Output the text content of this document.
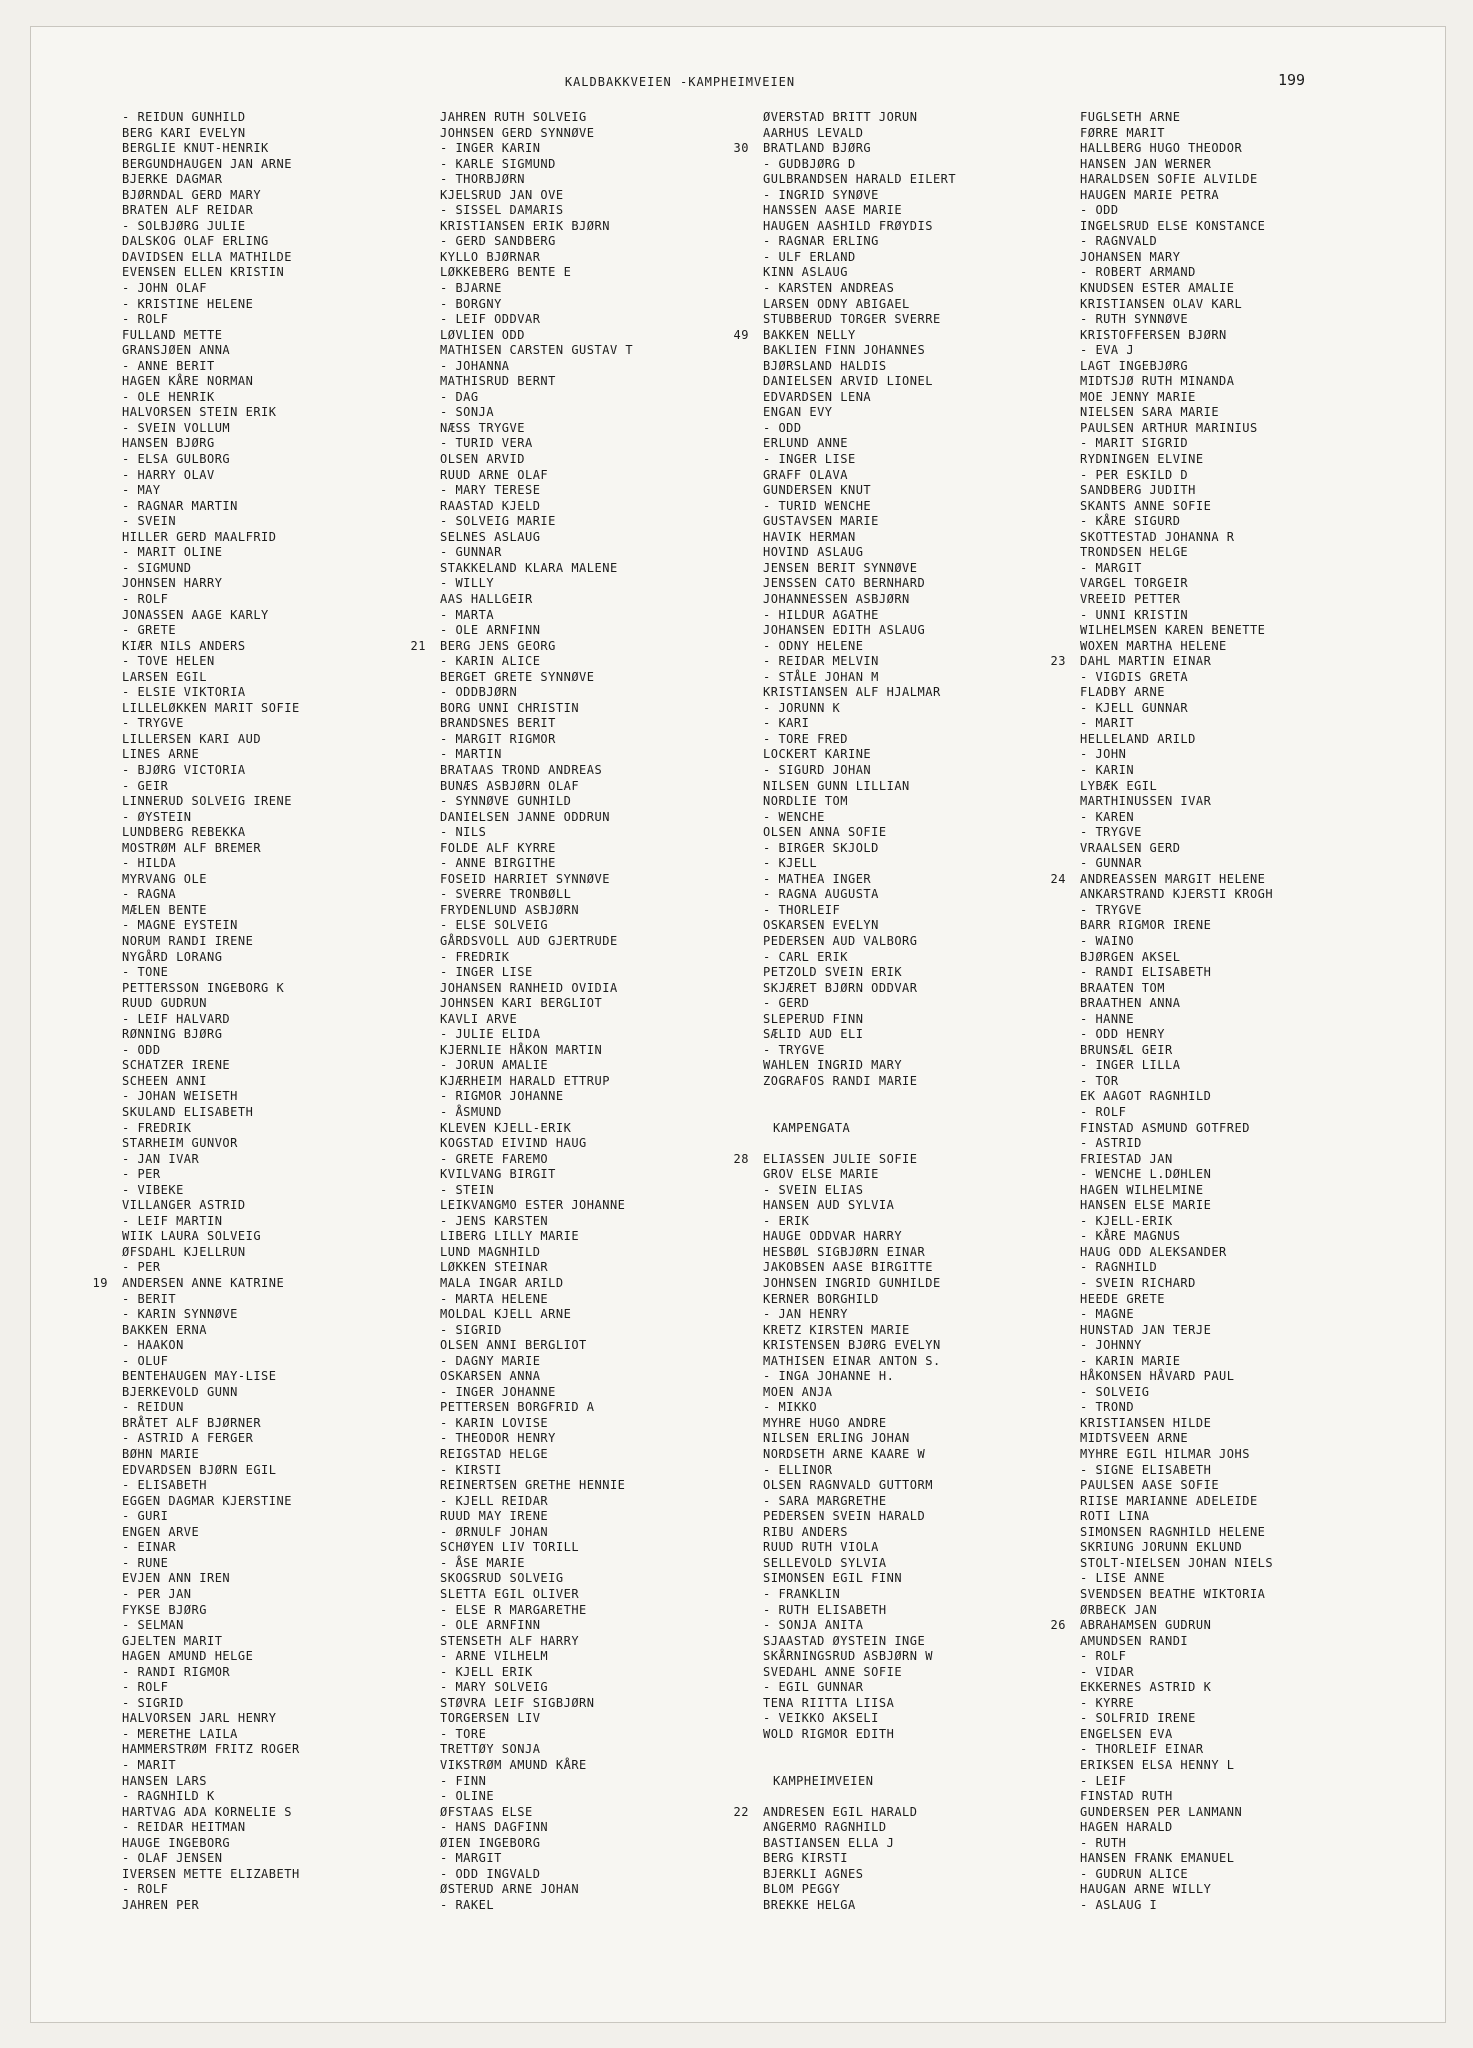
KALDBAKKVEIEN -KAMPHEIMVEIEN	199
- REIDUN GUNHILD
BERG KARI EVELYN
BERGLIE KNUT-HENRIK
BERGUNDHAUGEN JAN ARNE
BJERKE DAGMAR
BJØRNDAL GERD MARY
BRATEN ALF REIDAR
- SOLBJØRG JULIE
DALSKOG OLAF ERLING
DAVIDSEN ELLA MATHILDE
EVENSEN ELLEN KRISTIN
- JOHN OLAF
- KRISTINE HELENE
- ROLF
FULLAND METTE
GRANSJØEN ANNA
- ANNE BERIT
HAGEN KÅRE NORMAN
- OLE HENRIK
HALVORSEN STEIN ERIK
- SVEIN VOLLUM
HANSEN BJØRG
- ELSA GULBORG
- HARRY OLAV
- MAY
- RAGNAR MARTIN
- SVEIN
HILLER GERD MAALFRID
- MARIT OLINE
- SIGMUND
JOHNSEN HARRY
- ROLF
JONASSEN AAGE KARLY
- GRETE
KIÆR NILS ANDERS
- TOVE HELEN
LARSEN EGIL
- ELSIE VIKTORIA
LILLELØKKEN MARIT SOFIE
- TRYGVE
LILLERSEN KARI AUD
LINES ARNE
- BJØRG VICTORIA
- GEIR
LINNERUD SOLVEIG IRENE
- ØYSTEIN
LUNDBERG REBEKKA
MOSTRØM ALF BREMER
- HILDA
MYRVANG OLE
- RAGNA
MÆLEN BENTE
- MAGNE EYSTEIN
NORUM RANDI IRENE
NYGÅRD LORANG
- TONE
PETTERSSON INGEBORG K
RUUD GUDRUN
- LEIF HALVARD
RØNNING BJØRG
- ODD
SCHATZER IRENE
SCHEEN ANNI
- JOHAN WEISETH
SKULAND ELISABETH
- FREDRIK
STARHEIM GUNVOR
- JAN IVAR
- PER
- VIBEKE
VILLANGER ASTRID
- LEIF MARTIN
WIIK LAURA SOLVEIG
ØFSDAHL KJELLRUN
- PER
19 ANDERSEN ANNE KATRINE
- BERIT
- KARIN SYNNØVE
BAKKEN ERNA
- HAAKON
- OLUF
BENTEHAUGEN MAY-LISE
BJERKEVOLD GUNN
- REIDUN
BRÅTET ALF BJØRNER
- ASTRID A FERGER
BØHN MARIE
EDVARDSEN BJØRN EGIL
- ELISABETH
EGGEN DAGMAR KJERSTINE
- GURI
ENGEN ARVE
- EINAR
- RUNE
EVJEN ANN IREN
- PER JAN
FYKSE BJØRG
- SELMAN
GJELTEN MARIT
HAGEN AMUND HELGE
- RANDI RIGMOR
- ROLF
- SIGRID
HALVORSEN JARL HENRY
- MERETHE LAILA
HAMMERSTRØM FRITZ ROGER
- MARIT
HANSEN LARS
- RAGNHILD K
HARTVAG ADA KORNELIE S
- REIDAR HEITMAN
HAUGE INGEBORG
- OLAF JENSEN
IVERSEN METTE ELIZABETH
- ROLF
JAHREN PER
JAHREN RUTH SOLVEIG
JOHNSEN GERD SYNNØVE
- INGER KARIN
- KARLE SIGMUND
- THORBJØRN
KJELSRUD JAN OVE
- SISSEL DAMARIS
KRISTIANSEN ERIK BJØRN
- GERD SANDBERG
KYLLO BJØRNAR
LØKKEBERG BENTE E
- BJARNE
- BORGNY
- LEIF ODDVAR
LØVLIEN ODD
MATHISEN CARSTEN GUSTAV T
- JOHANNA
MATHISRUD BERNT
- DAG
- SONJA
NÆSS TRYGVE
- TURID VERA
OLSEN ARVID
RUUD ARNE OLAF
- MARY TERESE
RAASTAD KJELD
- SOLVEIG MARIE
SELNES ASLAUG
- GUNNAR
STAKKELAND KLARA MALENE
- WILLY
AAS HALLGEIR
- MARTA
- OLE ARNFINN
21 BERG JENS GEORG
- KARIN ALICE
BERGET GRETE SYNNØVE
- ODDBJØRN
BORG UNNI CHRISTIN
BRANDSNES BERIT
- MARGIT RIGMOR
- MARTIN
BRATAAS TROND ANDREAS
BUNÆS ASBJØRN OLAF
- SYNNØVE GUNHILD
DANIELSEN JANNE ODDRUN
- NILS
FOLDE ALF KYRRE
- ANNE BIRGITHE
FOSEID HARRIET SYNNØVE
- SVERRE TRONBØLL
FRYDENLUND ASBJØRN
- ELSE SOLVEIG
GÅRDSVOLL AUD GJERTRUDE
- FREDRIK
- INGER LISE
JOHANSEN RANHEID OVIDIA
JOHNSEN KARI BERGLIOT
KAVLI ARVE
- JULIE ELIDA
KJERNLIE HÅKON MARTIN
- JORUN AMALIE
KJÆRHEIM HARALD ETTRUP
- RIGMOR JOHANNE
- ÅSMUND
KLEVEN KJELL-ERIK
KOGSTAD EIVIND HAUG
- GRETE FAREMO
KVILVANG BIRGIT
- STEIN
LEIKVANGMO ESTER JOHANNE
- JENS KARSTEN
LIBERG LILLY MARIE
LUND MAGNHILD
LØKKEN STEINAR
MALA INGAR ARILD
- MARTA HELENE
MOLDAL KJELL ARNE
- SIGRID
OLSEN ANNI BERGLIOT
- DAGNY MARIE
OSKARSEN ANNA
- INGER JOHANNE
PETTERSEN BORGFRID A
- KARIN LOVISE
- THEODOR HENRY
REIGSTAD HELGE
- KIRSTI
REINERTSEN GRETHE HENNIE
- KJELL REIDAR
RUUD MAY IRENE
- ØRNULF JOHAN
SCHØYEN LIV TORILL
- ÅSE MARIE
SKOGSRUD SOLVEIG
SLETTA EGIL OLIVER
- ELSE R MARGARETHE
- OLE ARNFINN
STENSETH ALF HARRY
- ARNE VILHELM
- KJELL ERIK
- MARY SOLVEIG
STØVRA LEIF SIGBJØRN
TORGERSEN LIV
- TORE
TRETTØY SONJA
VIKSTRØM AMUND KÅRE
- FINN
- OLINE
ØFSTAAS ELSE
- HANS DAGFINN
ØIEN INGEBORG
- MARGIT
- ODD INGVALD
ØSTERUD ARNE JOHAN
- RAKEL
ØVERSTAD BRITT JORUN
AARHUS LEVALD
30 BRATLAND BJØRG
- GUDBJØRG D
GULBRANDSEN HARALD EILERT
- INGRID SYNØVE
HANSSEN AASE MARIE
HAUGEN AASHILD FRØYDIS
- RAGNAR ERLING
- ULF ERLAND
KINN ASLAUG
- KARSTEN ANDREAS
LARSEN ODNY ABIGAEL
STUBBERUD TORGER SVERRE
49 BAKKEN NELLY
BAKLIEN FINN JOHANNES
BJØRSLAND HALDIS
DANIELSEN ARVID LIONEL
EDVARDSEN LENA
ENGAN EVY
- ODD
ERLUND ANNE
- INGER LISE
GRAFF OLAVA
GUNDERSEN KNUT
- TURID WENCHE
GUSTAVSEN MARIE
HAVIK HERMAN
HOVIND ASLAUG
JENSEN BERIT SYNNØVE
JENSSEN CATO BERNHARD
JOHANNESSEN ASBJØRN
- HILDUR AGATHE
JOHANSEN EDITH ASLAUG
- ODNY HELENE
- REIDAR MELVIN
- STÅLE JOHAN M
KRISTIANSEN ALF HJALMAR
- JORUNN K
- KARI
- TORE FRED
LOCKERT KARINE
- SIGURD JOHAN
NILSEN GUNN LILLIAN
NORDLIE TOM
- WENCHE
OLSEN ANNA SOFIE
- BIRGER SKJOLD
- KJELL
- MATHEA INGER
- RAGNA AUGUSTA
- THORLEIF
OSKARSEN EVELYN
PEDERSEN AUD VALBORG
- CARL ERIK
PETZOLD SVEIN ERIK
SKJÆRET BJØRN ODDVAR
- GERD
SLEPERUD FINN
SÆLID AUD ELI
- TRYGVE
WAHLEN INGRID MARY
ZOGRAFOS RANDI MARIE
KAMPENGATA
28 ELIASSEN JULIE SOFIE
GROV ELSE MARIE
- SVEIN ELIAS
HANSEN AUD SYLVIA
- ERIK
HAUGE ODDVAR HARRY
HESBØL SIGBJØRN EINAR
JAKOBSEN AASE BIRGITTE
JOHNSEN INGRID GUNHILDE
KERNER BORGHILD
- JAN HENRY
KRETZ KIRSTEN MARIE
KRISTENSEN BJØRG EVELYN
MATHISEN EINAR ANTON S.
- INGA JOHANNE H.
MOEN ANJA
- MIKKO
MYHRE HUGO ANDRE
NILSEN ERLING JOHAN
NORDSETH ARNE KAARE W
- ELLINOR
OLSEN RAGNVALD GUTTORM
- SARA MARGRETHE
PEDERSEN SVEIN HARALD
RIBU ANDERS
RUUD RUTH VIOLA
SELLEVOLD SYLVIA
SIMONSEN EGIL FINN
- FRANKLIN
- RUTH ELISABETH
- SONJA ANITA
SJAASTAD ØYSTEIN INGE
SKÅRNINGSRUD ASBJØRN W
SVEDAHL ANNE SOFIE
- EGIL GUNNAR
TENA RIITTA LIISA
- VEIKKO AKSELI
WOLD RIGMOR EDITH
KAMPHEIMVEIEN
22 ANDRESEN EGIL HARALD
ANGERMO RAGNHILD
BASTIANSEN ELLA J
BERG KIRSTI
BJERKLI AGNES
BLOM PEGGY
BREKKE HELGA
FUGLSETH ARNE
FØRRE MARIT
HALLBERG HUGO THEODOR
HANSEN JAN WERNER
HARALDSEN SOFIE ALVILDE
HAUGEN MARIE PETRA
- ODD
INGELSRUD ELSE KONSTANCE
- RAGNVALD
JOHANSEN MARY
- ROBERT ARMAND
KNUDSEN ESTER AMALIE
KRISTIANSEN OLAV KARL
- RUTH SYNNØVE
KRISTOFFERSEN BJØRN
- EVA J
LAGT INGEBJØRG
MIDTSJØ RUTH MINANDA
MOE JENNY MARIE
NIELSEN SARA MARIE
PAULSEN ARTHUR MARINIUS
- MARIT SIGRID
RYDNINGEN ELVINE
- PER ESKILD D
SANDBERG JUDITH
SKANTS ANNE SOFIE
- KÅRE SIGURD
SKOTTESTAD JOHANNA R
TRONDSEN HELGE
- MARGIT
VARGEL TORGEIR
VREEID PETTER
- UNNI KRISTIN
WILHELMSEN KAREN BENETTE
WOXEN MARTHA HELENE
23 DAHL MARTIN EINAR
- VIGDIS GRETA
FLADBY ARNE
- KJELL GUNNAR
- MARIT
HELLELAND ARILD
- JOHN
- KARIN
LYBÆK EGIL
MARTHINUSSEN IVAR
- KAREN
- TRYGVE
VRAALSEN GERD
- GUNNAR
24 ANDREASSEN MARGIT HELENE
ANKARSTRAND KJERSTI KROGH
- TRYGVE
BARR RIGMOR IRENE
- WAINO
BJØRGEN AKSEL
- RANDI ELISABETH
BRAATEN TOM
BRAATHEN ANNA
- HANNE
- ODD HENRY
BRUNSÆL GEIR
- INGER LILLA
- TOR
EK AAGOT RAGNHILD
- ROLF
FINSTAD ASMUND GOTFRED
- ASTRID
FRIESTAD JAN
- WENCHE L.DØHLEN
HAGEN WILHELMINE
HANSEN ELSE MARIE
- KJELL-ERIK
- KÅRE MAGNUS
HAUG ODD ALEKSANDER
- RAGNHILD
- SVEIN RICHARD
HEEDE GRETE
- MAGNE
HUNSTAD JAN TERJE
- JOHNNY
- KARIN MARIE
HÅKONSEN HÅVARD PAUL
- SOLVEIG
- TROND
KRISTIANSEN HILDE
MIDTSVEEN ARNE
MYHRE EGIL HILMAR JOHS
- SIGNE ELISABETH
PAULSEN AASE SOFIE
RIISE MARIANNE ADELEIDE
ROTI LINA
SIMONSEN RAGNHILD HELENE
SKRIUNG JORUNN EKLUND
STOLT-NIELSEN JOHAN NIELS
- LISE ANNE
SVENDSEN BEATHE WIKTORIA
ØRBECK JAN
26 ABRAHAMSEN GUDRUN
AMUNDSEN RANDI
- ROLF
- VIDAR
EKKERNES ASTRID K
- KYRRE
- SOLFRID IRENE
ENGELSEN EVA
- THORLEIF EINAR
ERIKSEN ELSA HENNY L
- LEIF
FINSTAD RUTH
GUNDERSEN PER LANMANN
HAGEN HARALD
- RUTH
HANSEN FRANK EMANUEL
- GUDRUN ALICE
HAUGAN ARNE WILLY
- ASLAUG I
